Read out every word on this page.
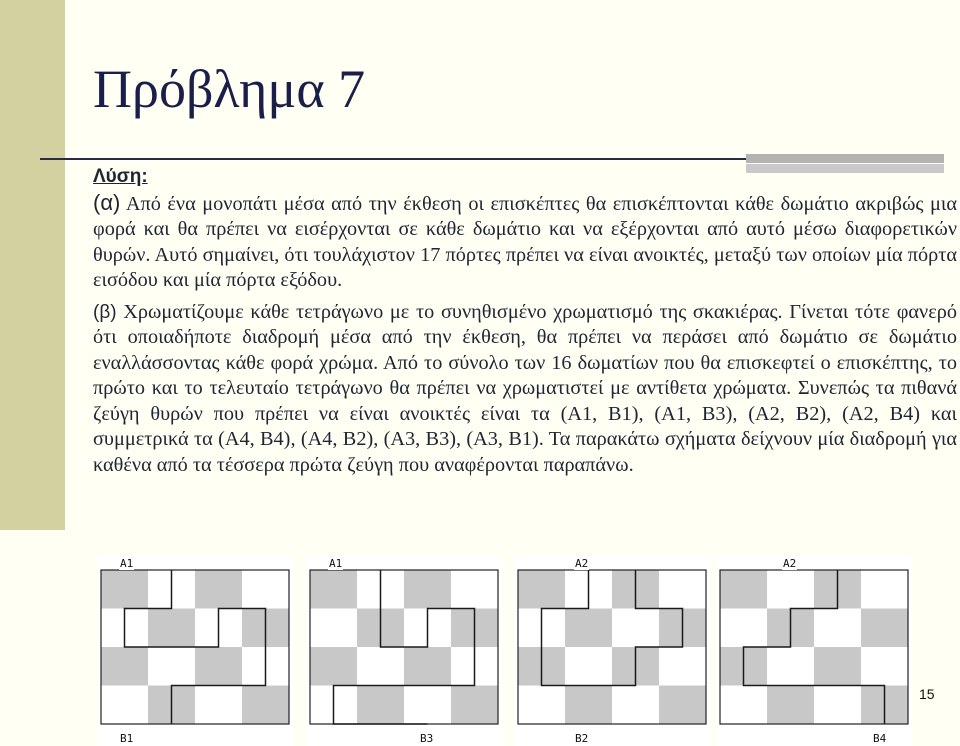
Πρόβλημα 7

Λύση:

(α) Από ένα μονοπάτι μέσα από την έκθεση οι επισκέπτες θα επισκέπτονται κάθε δωμάτιο ακριβώς μια φορά και θα πρέπει να εισέρχονται σε κάθε δωμάτιο και να εξέρχονται από αυτό μέσω διαφορετικών θυρών. Αυτό σημαίνει, ότι τουλάχιστον 17 πόρτες πρέπει να είναι ανοικτές, μεταξύ των οποίων μία πόρτα εισόδου και μία πόρτα εξόδου.

(β) Χρωματίζουμε κάθε τετράγωνο με το συνηθισμένο χρωματισμό της σκακιέρας. Γίνεται τότε φανερό ότι οποιαδήποτε διαδρομή μέσα από την έκθεση, θα πρέπει να περάσει από δωμάτιο σε δωμάτιο εναλλάσσοντας κάθε φορά χρώμα. Από το σύνολο των 16 δωματίων που θα επισκεφτεί ο επισκέπτης, το πρώτο και το τελευταίο τετράγωνο θα πρέπει να χρωματιστεί με αντίθετα χρώματα. Συνεπώς τα πιθανά ζεύγη θυρών που πρέπει να είναι ανοικτές είναι τα (Α1, Β1), (Α1, Β3), (Α2, Β2), (Α2, Β4) και συμμετρικά τα (Α4, Β4), (Α4, Β2), (Α3, Β3), (Α3, Β1). Τα παρακάτω σχήματα δείχνουν μία διαδρομή για καθένα από τα τέσσερα πρώτα ζεύγη που αναφέρονται παραπάνω.

A1
B1
A1
B3
A2
B2
A2
B4
15
